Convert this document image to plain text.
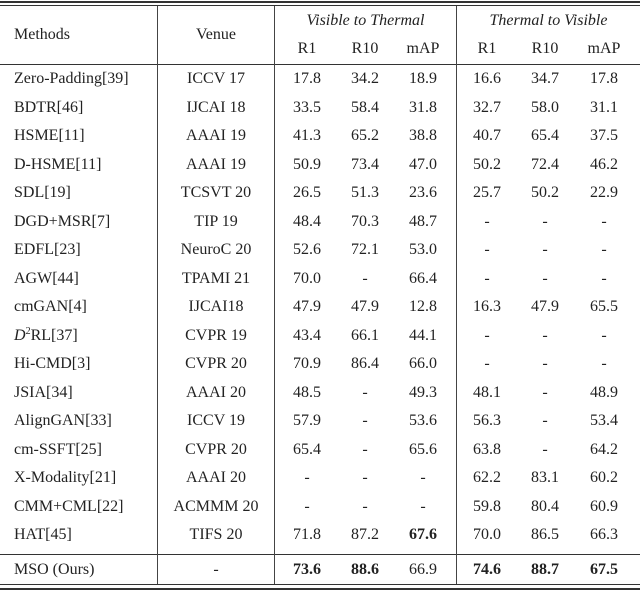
Methods	Venue
Visible to Thermal	Thermal to Visible
R1	R10	mAP	R1	R10	mAP
Zero-Padding[39]	ICCV 17	17.8	34.2	18.9	16.6	34.7	17.8
BDTR[46]	IJCAI 18	33.5	58.4	31.8	32.7	58.0	31.1
HSME[11]	AAAI 19	41.3	65.2	38.8	40.7	65.4	37.5
D-HSME[11]	AAAI 19	50.9	73.4	47.0	50.2	72.4	46.2
SDL[19]	TCSVT 20	26.5	51.3	23.6	25.7	50.2	22.9
DGD+MSR[7]	TIP 19	48.4	70.3	48.7	-	-	-
EDFL[23]	NeuroC 20	52.6	72.1	53.0	-	-	-
AGW[44]	TPAMI 21	70.0	-	66.4	-	-	-
cmGAN[4]	IJCAI18	47.9	47.9	12.8	16.3	47.9	65.5
$D^2RL[37]$	CVPR 19	43.4	66.1	44.1	-	-	-
Hi-CMD[3]	CVPR 20	70.9	86.4	66.0	-	-	-
JSIA[34]	AAAI 20	48.5	-	49.3	48.1	-	48.9
AlignGAN[33]	ICCV 19	57.9	-	53.6	56.3	-	53.4
cm-SSFT[25]	CVPR 20	65.4	-	65.6	63.8	-	64.2
X-Modality[21]	AAAI 20	-	-	-	62.2	83.1	60.2
CMM+CML[22]	ACMMM 20	-	-	-	59.8	80.4	60.9
HAT[45]	TIFS 20	71.8	87.2	67.6	70.0	86.5	66.3
MSO (Ours)	-	73.6	88.6	66.9	74.6	88.7	67.5
